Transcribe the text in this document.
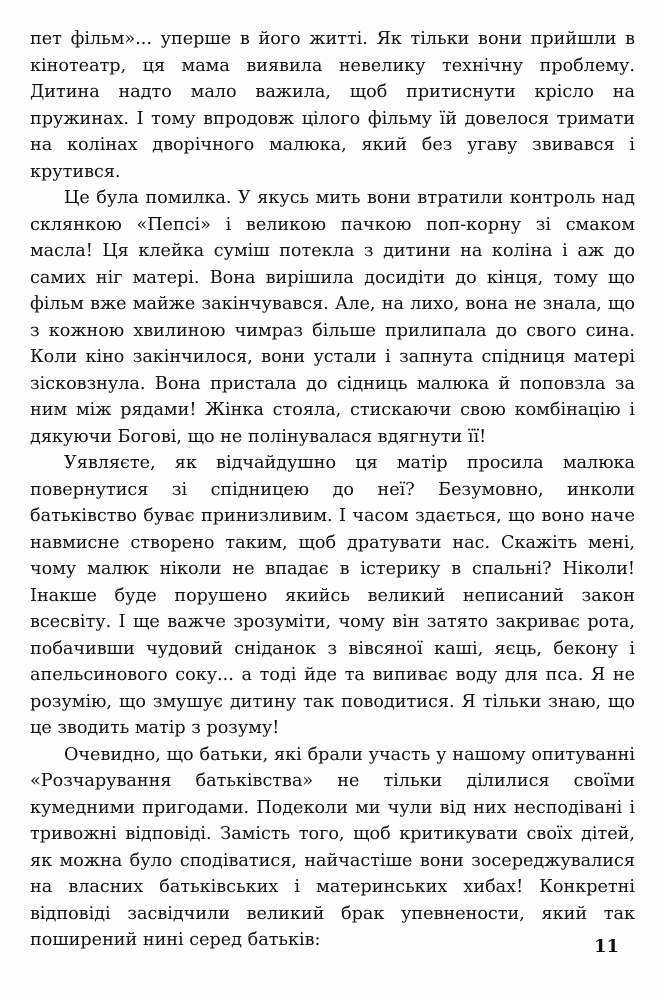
пет фільм»... уперше в його житті. Як тільки вони прийшли в кінотеатр, ця мама виявила невелику технічну проблему. Дитина надто мало важила, щоб притиснути крісло на пружинах. І тому впродовж цілого фільму їй довелося тримати на колінах дворічного малюка, який без угаву звивався і крутився.

Це була помилка. У якусь мить вони втратили контроль над склянкою «Пепсі» і великою пачкою поп-корну зі смаком масла! Ця клейка суміш потекла з дитини на коліна і аж до самих ніг матері. Вона вирішила досидіти до кінця, тому що фільм вже майже закінчувався. Але, на лихо, вона не знала, що з кожною хвилиною чимраз більше прилипала до свого сина. Коли кіно закінчилося, вони устали і запнута спідниця матері зісковзнула. Вона пристала до сідниць малюка й поповзла за ним між рядами! Жінка стояла, стискаючи свою комбінацію і дякуючи Богові, що не полінувалася вдягнути її!

Уявляєте, як відчайдушно ця матір просила малюка повернутися зі спідницею до неї? Безумовно, инколи батьківство буває принизливим. І часом здається, що воно наче навмисне створено таким, щоб дратувати нас. Скажіть мені, чому малюк ніколи не впадає в істерику в спальні? Ніколи! Інакше буде порушено якийсь великий неписаний закон всесвіту. І ще важче зрозуміти, чому він затято закриває рота, побачивши чудовий сніданок з вівсяної каші, яєць, бекону і апельсинового соку... а тоді йде та випиває воду для пса. Я не розумію, що змушує дитину так поводитися. Я тільки знаю, що це зводить матір з розуму!

Очевидно, що батьки, які брали участь у нашому опитуванні «Розчарування батьківства» не тільки ділилися своїми кумедними пригодами. Подеколи ми чули від них несподівані і тривожні відповіді. Замість того, щоб критикувати своїх дітей, як можна було сподіватися, найчастіше вони зосереджувалися на власних батьківських і материнських хибах! Конкретні відповіді засвідчили великий брак упевнености, який так поширений нині серед батьків:	11
